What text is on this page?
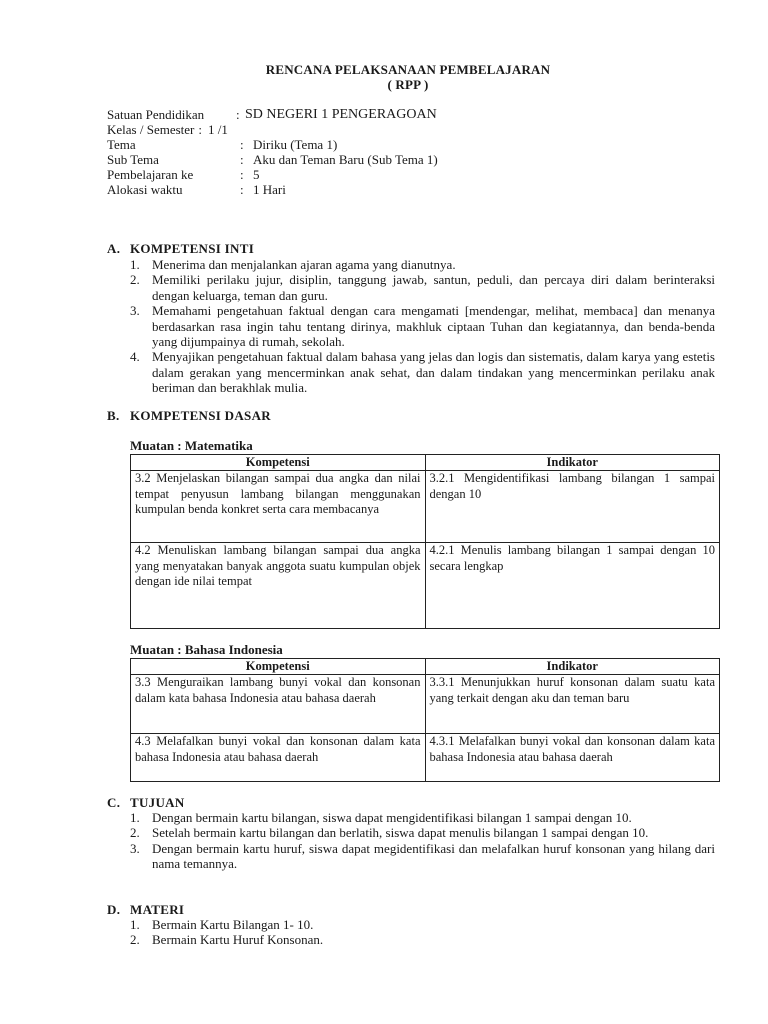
RENCANA PELAKSANAAN PEMBELAJARAN
( RPP )
Satuan Pendidikan	: SD NEGERI 1 PENGERAGOAN
Kelas / Semester : 1 /1
Tema	: Diriku (Tema 1)
Sub Tema	: Aku dan Teman Baru (Sub Tema 1)
Pembelajaran ke	: 5
Alokasi waktu	: 1 Hari
A. KOMPETENSI INTI
1. Menerima dan menjalankan ajaran agama yang dianutnya.
2. Memiliki perilaku jujur, disiplin, tanggung jawab, santun, peduli, dan percaya diri dalam berinteraksi dengan keluarga, teman dan guru.
3. Memahami pengetahuan faktual dengan cara mengamati [mendengar, melihat, membaca] dan menanya berdasarkan rasa ingin tahu tentang dirinya, makhluk ciptaan Tuhan dan kegiatannya, dan benda-benda yang dijumpainya di rumah, sekolah.
4. Menyajikan pengetahuan faktual dalam bahasa yang jelas dan logis dan sistematis, dalam karya yang estetis dalam gerakan yang mencerminkan anak sehat, dan dalam tindakan yang mencerminkan perilaku anak beriman dan berakhlak mulia.
B. KOMPETENSI DASAR
Muatan : Matematika
Kompetensi	Indikator
3.2 Menjelaskan bilangan sampai dua angka dan nilai tempat penyusun lambang bilangan menggunakan kumpulan benda konkret serta cara membacanya	3.2.1 Mengidentifikasi lambang bilangan 1 sampai dengan 10
4.2 Menuliskan lambang bilangan sampai dua angka yang menyatakan banyak anggota suatu kumpulan objek dengan ide nilai tempat	4.2.1 Menulis lambang bilangan 1 sampai dengan 10 secara lengkap
Muatan : Bahasa Indonesia
Kompetensi	Indikator
3.3 Menguraikan lambang bunyi vokal dan konsonan dalam kata bahasa Indonesia atau bahasa daerah	3.3.1 Menunjukkan huruf konsonan dalam suatu kata yang terkait dengan aku dan teman baru
4.3 Melafalkan bunyi vokal dan konsonan dalam kata bahasa Indonesia atau bahasa daerah	4.3.1 Melafalkan bunyi vokal dan konsonan dalam kata bahasa Indonesia atau bahasa daerah
C. TUJUAN
1. Dengan bermain kartu bilangan, siswa dapat mengidentifikasi bilangan 1 sampai dengan 10.
2. Setelah bermain kartu bilangan dan berlatih, siswa dapat menulis bilangan 1 sampai dengan 10.
3. Dengan bermain kartu huruf, siswa dapat megidentifikasi dan melafalkan huruf konsonan yang hilang dari nama temannya.
D. MATERI
1. Bermain Kartu Bilangan 1- 10.
2. Bermain Kartu Huruf Konsonan.
